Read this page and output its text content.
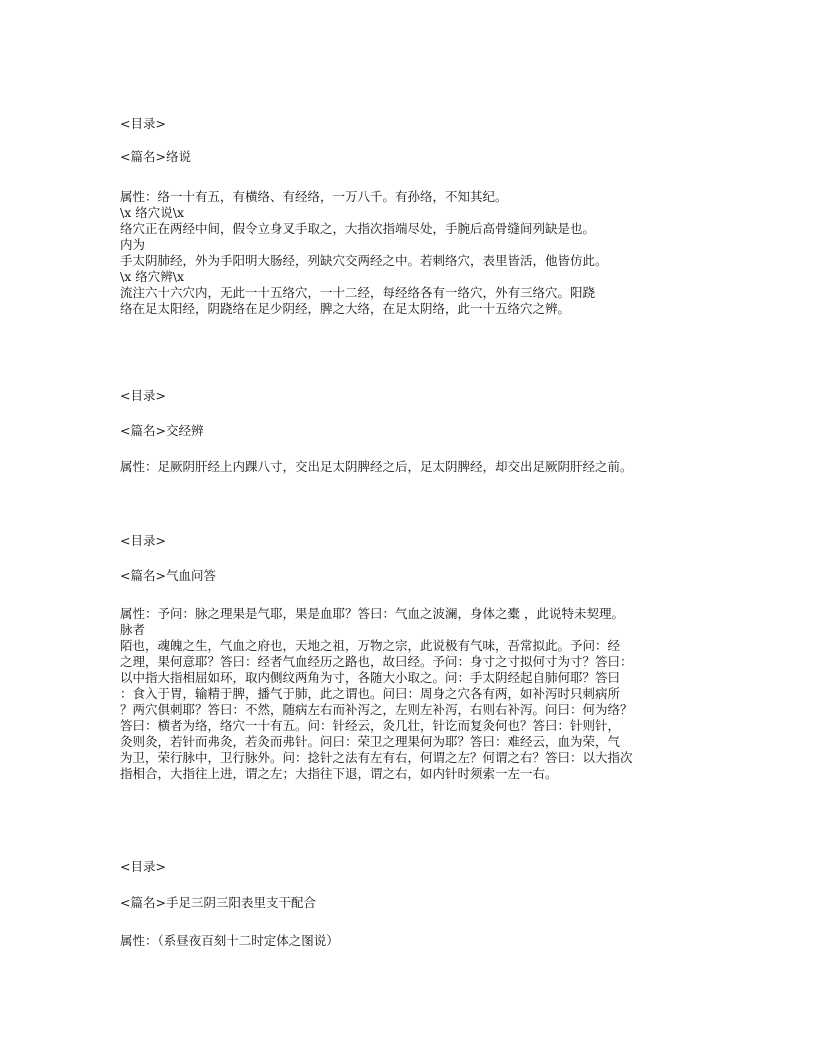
<目录>
<篇名>络说
属性：络一十有五，有横络、有经络，一万八千。有孙络，不知其纪。
\x 络穴说\x
络穴正在两经中间，假令立身叉手取之，大指次指端尽处，手腕后高骨缝间列缺是也。
内为
手太阴肺经，外为手阳明大肠经，列缺穴交两经之中。若刺络穴，表里皆活，他皆仿此。
\x 络穴辨\x
流注六十六穴内，无此一十五络穴，一十二经，每经络各有一络穴，外有三络穴。阳跷
络在足太阳经，阴跷络在足少阴经，脾之大络，在足太阴络，此一十五络穴之辨。
<目录>
<篇名>交经辨
属性：足厥阴肝经上内踝八寸，交出足太阴脾经之后，足太阴脾经，却交出足厥阴肝经之前。
<目录>
<篇名>气血问答
属性：予问：脉之理果是气耶，果是血耶？答曰：气血之波澜，身体之橐 ，此说特未契理。
脉者
陌也，魂魄之生，气血之府也，天地之祖，万物之宗，此说极有气味，吾常拟此。予问：经
之理，果何意耶？答曰：经者气血经历之路也，故曰经。予问：身寸之寸拟何寸为寸？答曰：
以中指大指相屈如环，取内侧纹两角为寸，各随大小取之。问：手太阴经起自肺何耶？答曰
：食入于胃，输精于脾，播气于肺，此之谓也。问曰：周身之穴各有两，如补泻时只刺病所
？两穴俱刺耶？答曰：不然，随病左右而补泻之，左则左补泻，右则右补泻。问曰：何为络？
答曰：横者为络，络穴一十有五。问：针经云，灸几壮，针讫而复灸何也？答曰：针则针，
灸则灸，若针而弗灸，若灸而弗针。问曰：荣卫之理果何为耶？答曰：难经云，血为荣，气
为卫，荣行脉中，卫行脉外。问：捻针之法有左有右，何谓之左？何谓之右？答曰：以大指次
指相合，大指往上进，谓之左；大指往下退，谓之右，如内针时须索一左一右。
<目录>
<篇名>手足三阴三阳表里支干配合
属性：（系昼夜百刻十二时定体之图说）
